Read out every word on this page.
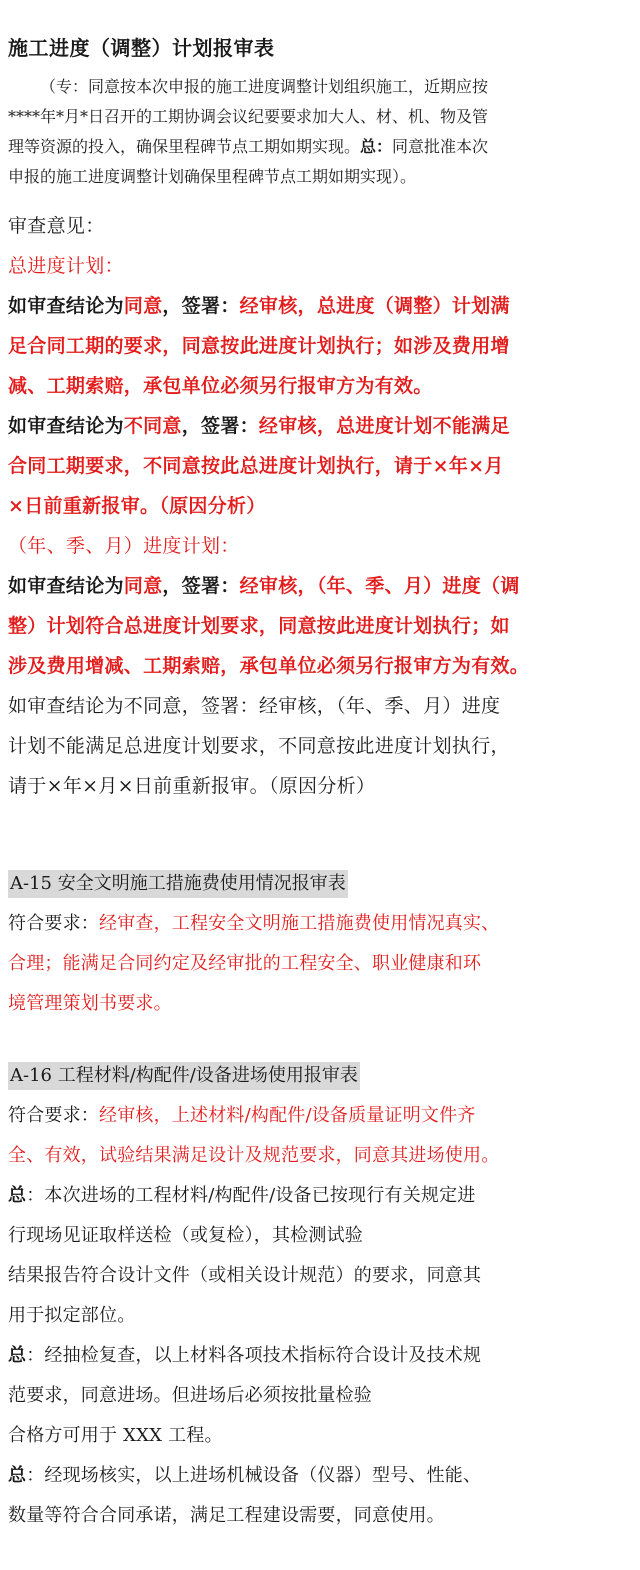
施工进度（调整）计划报审表
（专：同意按本次申报的施工进度调整计划组织施工，近期应按
****年*月*日召开的工期协调会议纪要要求加大人、材、机、物及管
理等资源的投入，确保里程碑节点工期如期实现。总：同意批准本次
申报的施工进度调整计划确保里程碑节点工期如期实现）。
审查意见：
总进度计划：
如审查结论为同意，签署：经审核，总进度（调整）计划满
足合同工期的要求，同意按此进度计划执行；如涉及费用增
减、工期索赔，承包单位必须另行报审方为有效。
如审查结论为不同意，签署：经审核，总进度计划不能满足
合同工期要求，不同意按此总进度计划执行，请于×年×月
×日前重新报审。（原因分析）
（年、季、月）进度计划：
如审查结论为同意，签署：经审核，（年、季、月）进度（调
整）计划符合总进度计划要求，同意按此进度计划执行；如
涉及费用增减、工期索赔，承包单位必须另行报审方为有效。
如审查结论为不同意，签署：经审核，（年、季、月）进度
计划不能满足总进度计划要求，不同意按此进度计划执行，
请于×年×月×日前重新报审。（原因分析）
A-15 安全文明施工措施费使用情况报审表
符合要求：经审查，工程安全文明施工措施费使用情况真实、
合理；能满足合同约定及经审批的工程安全、职业健康和环
境管理策划书要求。
A-16 工程材料/构配件/设备进场使用报审表
符合要求：经审核，上述材料/构配件/设备质量证明文件齐
全、有效，试验结果满足设计及规范要求，同意其进场使用。
总：本次进场的工程材料/构配件/设备已按现行有关规定进
行现场见证取样送检（或复检），其检测试验
结果报告符合设计文件（或相关设计规范）的要求，同意其
用于拟定部位。
总：经抽检复查，以上材料各项技术指标符合设计及技术规
范要求，同意进场。但进场后必须按批量检验
合格方可用于 XXX 工程。
总：经现场核实，以上进场机械设备（仪器）型号、性能、
数量等符合合同承诺，满足工程建设需要，同意使用。
